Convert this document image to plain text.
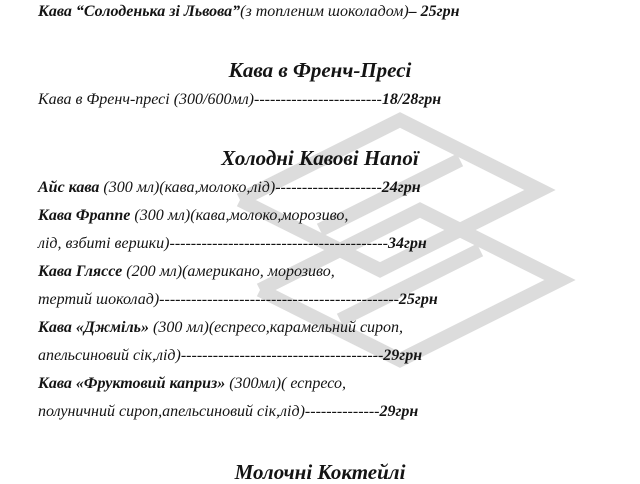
Кава “Солоденька зі Львова”(з топленим шоколадом)– 25грн
Кава в Френч-Пресі
Кава в Френч-пресі (300/600мл)------------------------18/28грн
Холодні Кавові Напої
Айс кава (300 мл)(кава,молоко,лід)--------------------24грн
Кава Фраппе (300 мл)(кава,молоко,морозиво,
лід, взбиті вершки)-----------------------------------------34грн
Кава Гляссе (200 мл)(американо, морозиво,
тертий шоколад)---------------------------------------------25грн
Кава «Джміль» (300 мл)(еспресо,карамельний сироп,
апельсиновий сік,лід)--------------------------------------29грн
Кава «Фруктовий каприз» (300мл)( еспресо,
полуничний сироп,апельсиновий сік,лід)--------------29грн
Молочні Коктейлі
